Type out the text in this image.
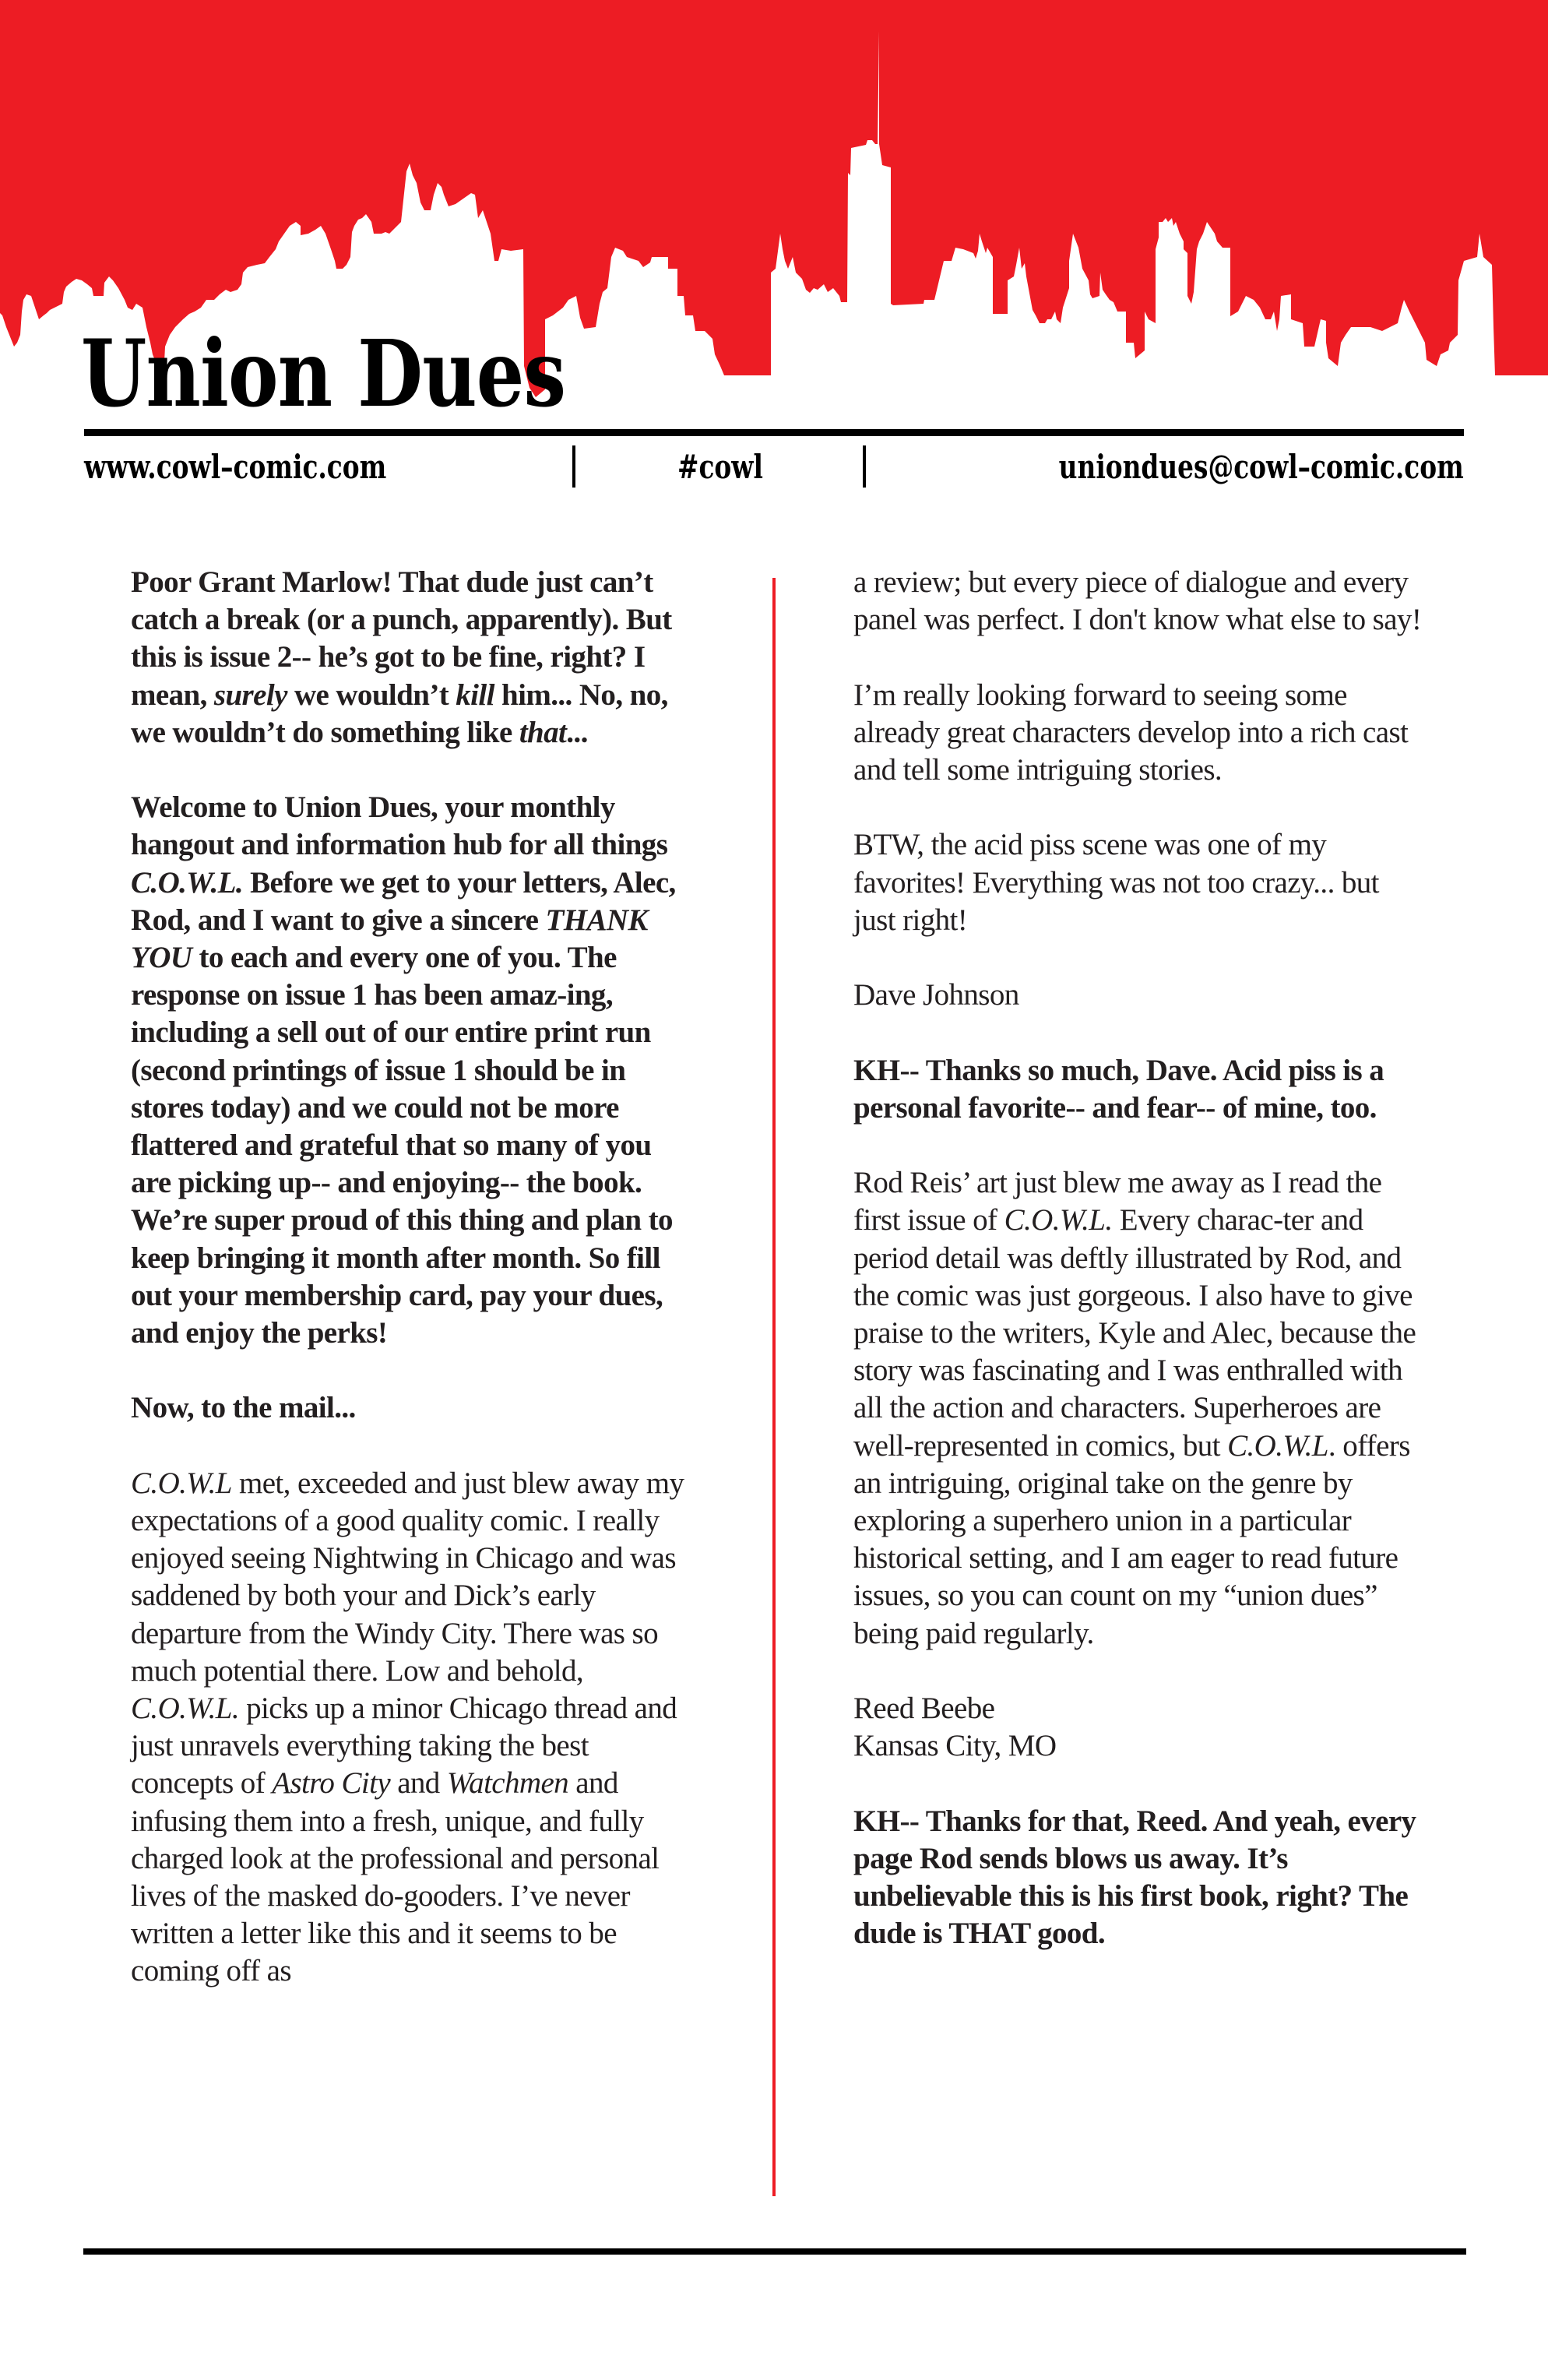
Union Dues
www.cowl–comic.com	#cowl	uniondues@cowl–comic.com

Poor Grant Marlow! That dude just can’t catch a break (or a punch, apparently). But this is issue 2-- he’s got to be fine, right? I mean, surely we wouldn’t kill him... No, no, we wouldn’t do something like that...

Welcome to Union Dues, your monthly hangout and information hub for all things C.O.W.L. Before we get to your letters, Alec, Rod, and I want to give a sincere THANK YOU to each and every one of you. The response on issue 1 has been amaz-ing, including a sell out of our entire print run (second printings of issue 1 should be in stores today) and we could not be more flattered and grateful that so many of you are picking up-- and enjoying-- the book. We’re super proud of this thing and plan to keep bringing it month after month. So fill out your membership card, pay your dues, and enjoy the perks!

Now, to the mail...

C.O.W.L met, exceeded and just blew away my expectations of a good quality comic. I really enjoyed seeing Nightwing in Chicago and was saddened by both your and Dick’s early departure from the Windy City. There was so much potential there. Low and behold, C.O.W.L. picks up a minor Chicago thread and just unravels everything taking the best concepts of Astro City and Watchmen and infusing them into a fresh, unique, and fully charged look at the professional and personal lives of the masked do-gooders. I’ve never written a letter like this and it seems to be coming off as

a review; but every piece of dialogue and every panel was perfect. I don't know what else to say!

I’m really looking forward to seeing some already great characters develop into a rich cast and tell some intriguing stories.

BTW, the acid piss scene was one of my favorites! Everything was not too crazy... but just right!

Dave Johnson

KH-- Thanks so much, Dave. Acid piss is a personal favorite-- and fear-- of mine, too.

Rod Reis’ art just blew me away as I read the first issue of C.O.W.L. Every charac-ter and period detail was deftly illustrated by Rod, and the comic was just gorgeous. I also have to give praise to the writers, Kyle and Alec, because the story was fascinating and I was enthralled with all the action and characters. Superheroes are well-represented in comics, but C.O.W.L. offers an intriguing, original take on the genre by exploring a superhero union in a particular historical setting, and I am eager to read future issues, so you can count on my “union dues” being paid regularly.

Reed Beebe
Kansas City, MO

KH-- Thanks for that, Reed. And yeah, every page Rod sends blows us away. It’s unbelievable this is his first book, right? The dude is THAT good.
